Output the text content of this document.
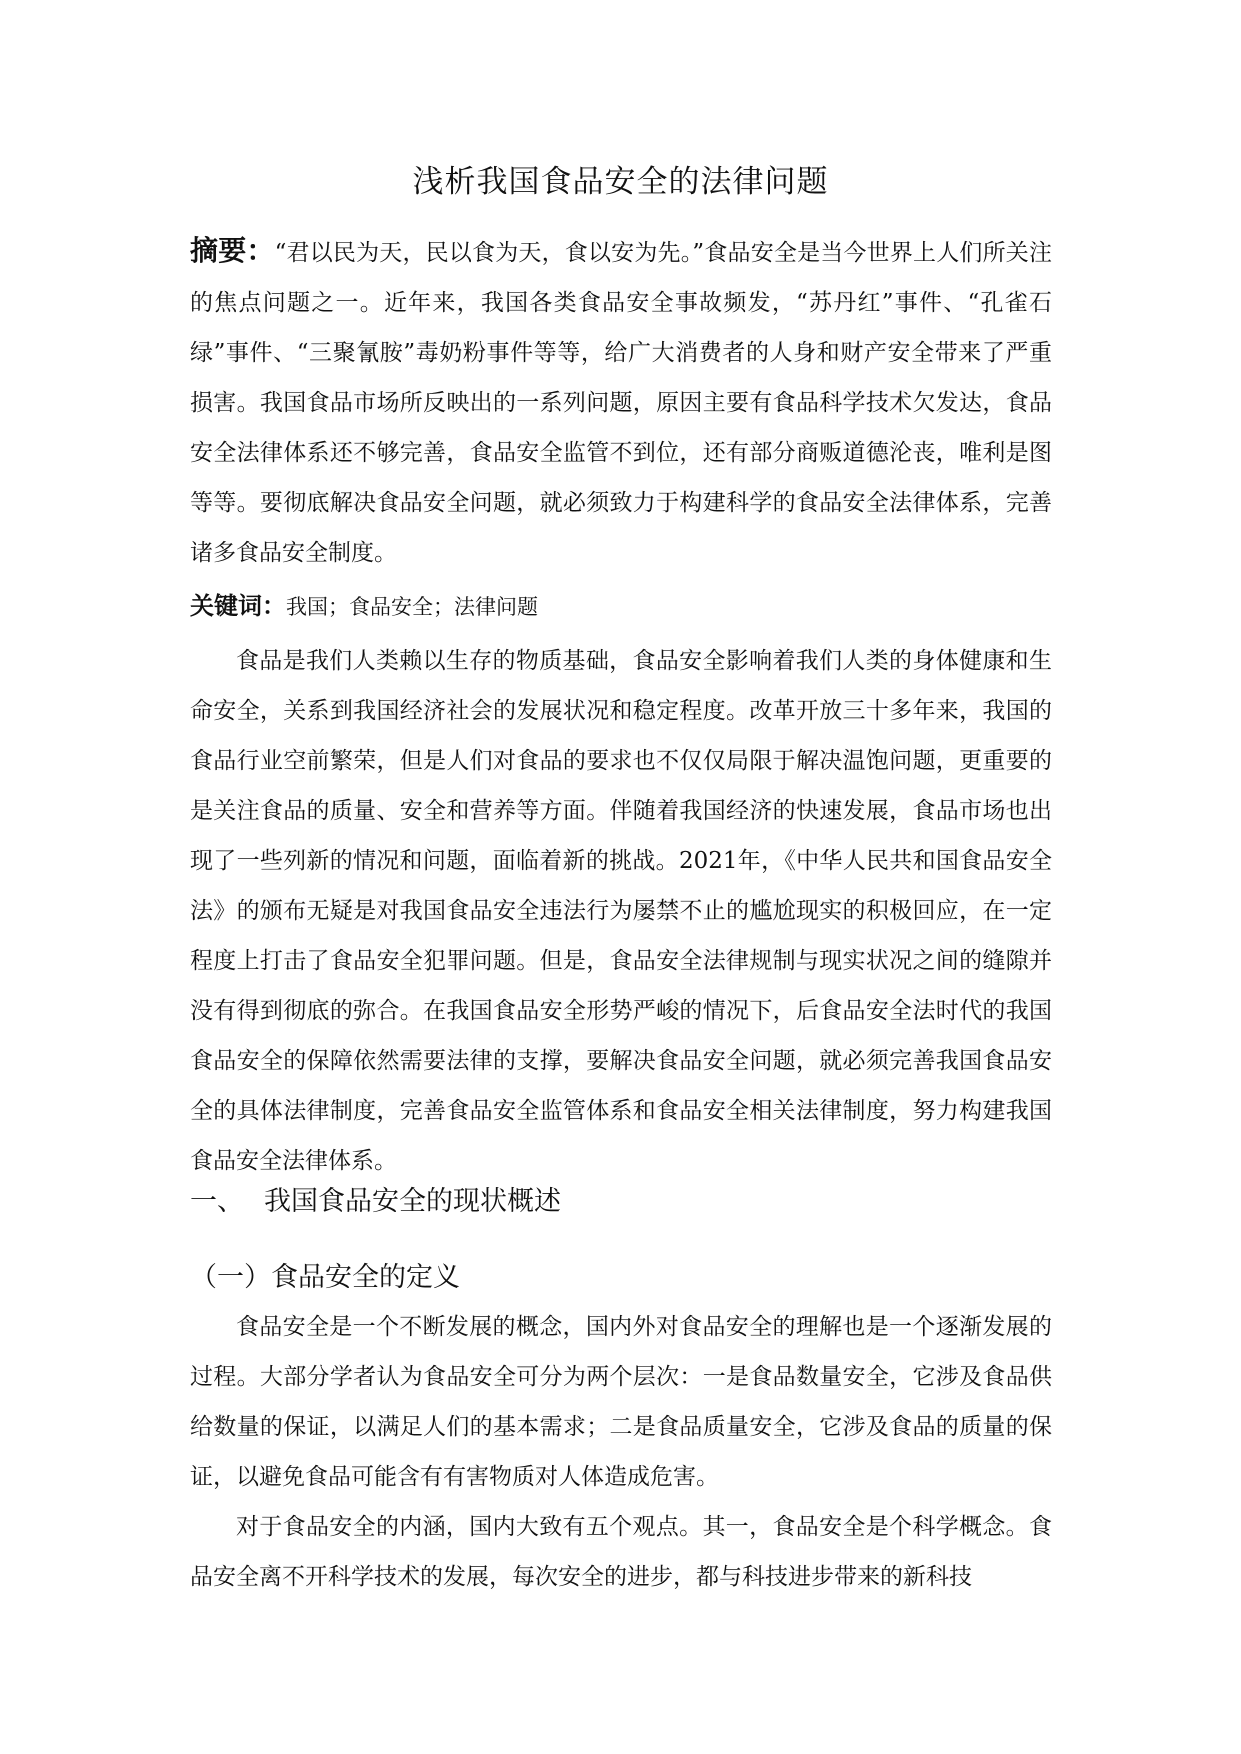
浅析我国食品安全的法律问题

摘要：“君以民为天，民以食为天，食以安为先。”食品安全是当今世界上人们所关注的焦点问题之一。近年来，我国各类食品安全事故频发，“苏丹红”事件、“孔雀石绿”事件、“三聚氰胺”毒奶粉事件等等，给广大消费者的人身和财产安全带来了严重损害。我国食品市场所反映出的一系列问题，原因主要有食品科学技术欠发达，食品安全法律体系还不够完善，食品安全监管不到位，还有部分商贩道德沦丧，唯利是图等等。要彻底解决食品安全问题，就必须致力于构建科学的食品安全法律体系，完善诸多食品安全制度。

关键词：我国；食品安全；法律问题

食品是我们人类赖以生存的物质基础，食品安全影响着我们人类的身体健康和生命安全，关系到我国经济社会的发展状况和稳定程度。改革开放三十多年来，我国的食品行业空前繁荣，但是人们对食品的要求也不仅仅局限于解决温饱问题，更重要的是关注食品的质量、安全和营养等方面。伴随着我国经济的快速发展，食品市场也出现了一些列新的情况和问题，面临着新的挑战。2021年，《中华人民共和国食品安全法》的颁布无疑是对我国食品安全违法行为屡禁不止的尴尬现实的积极回应，在一定程度上打击了食品安全犯罪问题。但是，食品安全法律规制与现实状况之间的缝隙并没有得到彻底的弥合。在我国食品安全形势严峻的情况下，后食品安全法时代的我国食品安全的保障依然需要法律的支撑，要解决食品安全问题，就必须完善我国食品安全的具体法律制度，完善食品安全监管体系和食品安全相关法律制度，努力构建我国食品安全法律体系。

一、 我国食品安全的现状概述
（一）食品安全的定义

食品安全是一个不断发展的概念，国内外对食品安全的理解也是一个逐渐发展的过程。大部分学者认为食品安全可分为两个层次：一是食品数量安全，它涉及食品供给数量的保证，以满足人们的基本需求；二是食品质量安全，它涉及食品的质量的保证，以避免食品可能含有有害物质对人体造成危害。

对于食品安全的内涵，国内大致有五个观点。其一，食品安全是个科学概念。食品安全离不开科学技术的发展，每次安全的进步，都与科技进步带来的新科技
